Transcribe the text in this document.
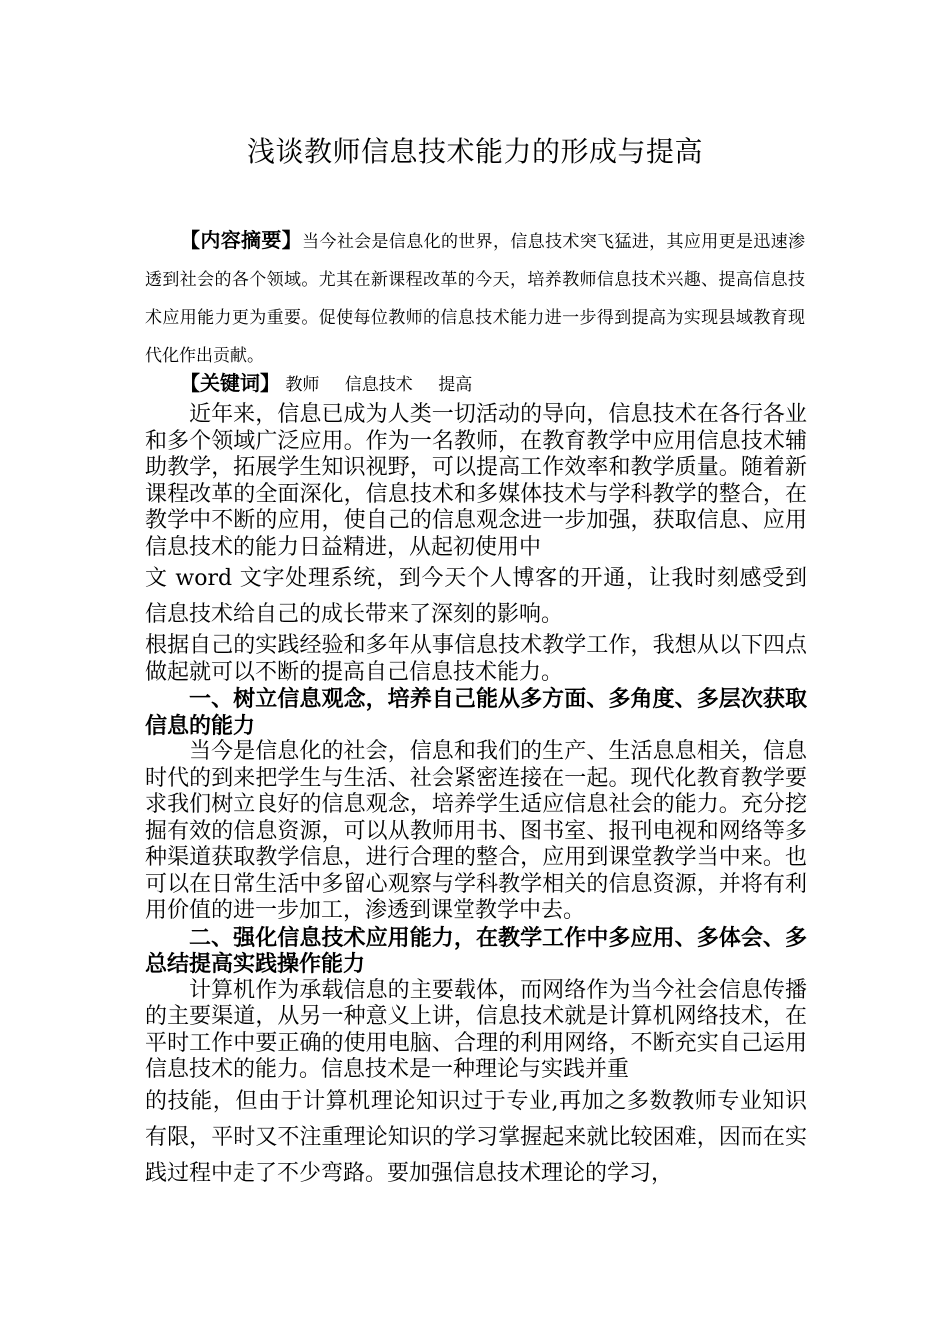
浅谈教师信息技术能力的形成与提高
【内容摘要】当今社会是信息化的世界，信息技术突飞猛进，其应用更是迅速渗透到社会的各个领域。尤其在新课程改革的今天，培养教师信息技术兴趣、提高信息技术应用能力更为重要。促使每位教师的信息技术能力进一步得到提高为实现县域教育现代化作出贡献。
【关键词】 教师 信息技术 提高

近年来，信息已成为人类一切活动的导向，信息技术在各行各业和多个领域广泛应用。作为一名教师，在教育教学中应用信息技术辅助教学，拓展学生知识视野，可以提高工作效率和教学质量。随着新课程改革的全面深化，信息技术和多媒体技术与学科教学的整合，在教学中不断的应用，使自己的信息观念进一步加强，获取信息、应用信息技术的能力日益精进，从起初使用中

文 word 文字处理系统，到今天个人博客的开通，让我时刻感受到信息技术给自己的成长带来了深刻的影响。

根据自己的实践经验和多年从事信息技术教学工作，我想从以下四点做起就可以不断的提高自己信息技术能力。

一、树立信息观念，培养自己能从多方面、多角度、多层次获取信息的能力

当今是信息化的社会，信息和我们的生产、生活息息相关，信息时代的到来把学生与生活、社会紧密连接在一起。现代化教育教学要求我们树立良好的信息观念，培养学生适应信息社会的能力。充分挖掘有效的信息资源，可以从教师用书、图书室、报刊电视和网络等多种渠道获取教学信息，进行合理的整合，应用到课堂教学当中来。也可以在日常生活中多留心观察与学科教学相关的信息资源，并将有利用价值的进一步加工，渗透到课堂教学中去。

二、强化信息技术应用能力，在教学工作中多应用、多体会、多总结提高实践操作能力

计算机作为承载信息的主要载体，而网络作为当今社会信息传播的主要渠道，从另一种意义上讲，信息技术就是计算机网络技术，在平时工作中要正确的使用电脑、合理的利用网络，不断充实自己运用信息技术的能力。信息技术是一种理论与实践并重

的技能，但由于计算机理论知识过于专业,再加之多数教师专业知识有限，平时又不注重理论知识的学习掌握起来就比较困难，因而在实践过程中走了不少弯路。要加强信息技术理论的学习，
